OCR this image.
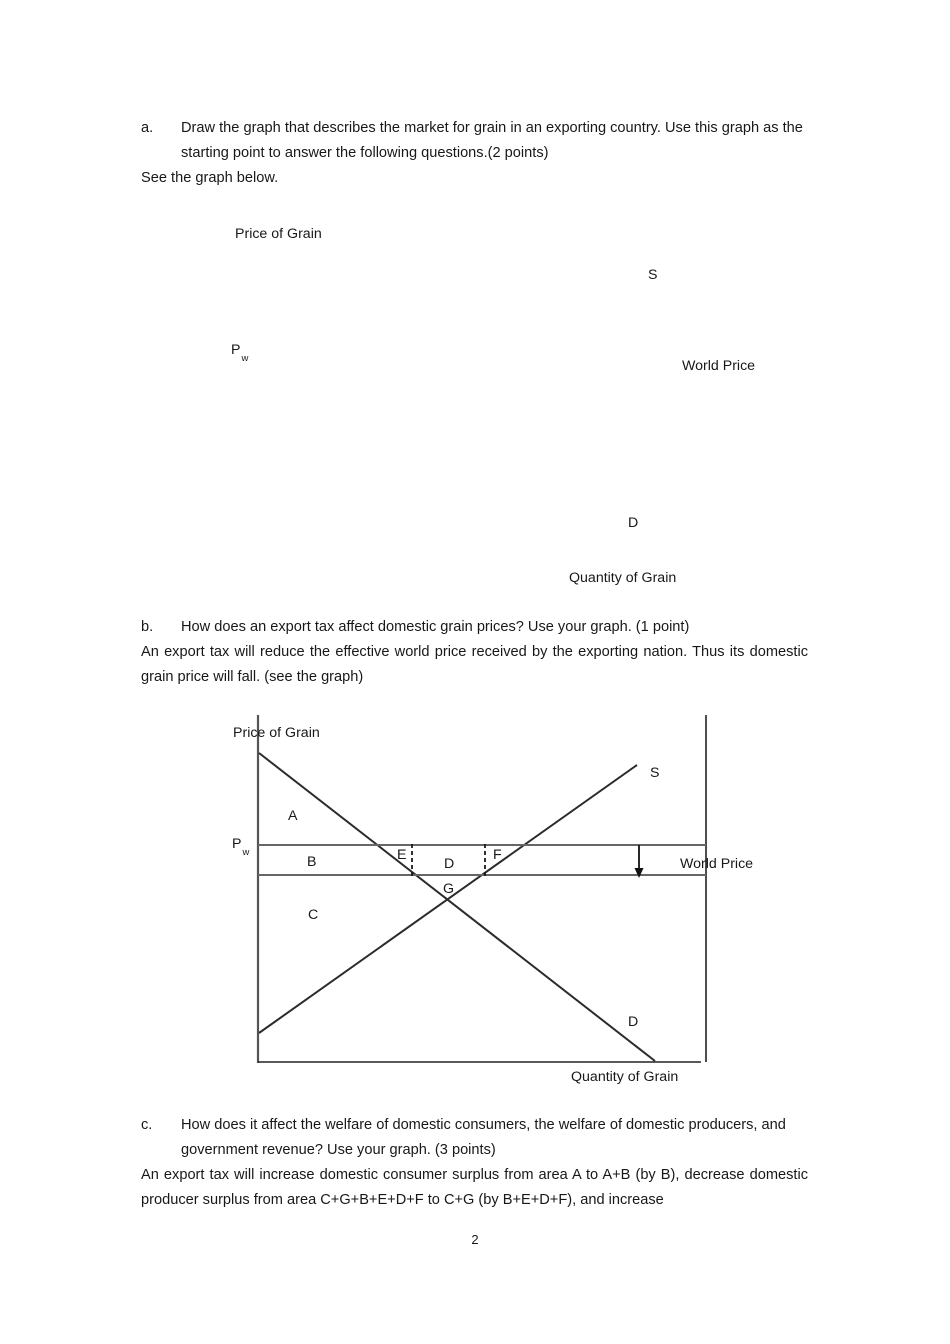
a.	Draw the graph that describes the market for grain in an exporting country. Use this graph as the starting point to answer the following questions.(2 points)
See the graph below.
Price of Grain
S
$P_w$	World Price
D
Quantity of Grain
b.	How does an export tax affect domestic grain prices? Use your graph. (1 point)
An export tax will reduce the effective world price received by the exporting nation. Thus its domestic grain price will fall. (see the graph)
Price of Grain
S
A
$P_w$
B	E
D
F
World Price
G
C
D
Quantity of Grain
c.	How does it affect the welfare of domestic consumers, the welfare of domestic producers, and government revenue? Use your graph. (3 points)
An export tax will increase domestic consumer surplus from area A to A+B (by B), decrease domestic producer surplus from area C+G+B+E+D+F to C+G (by B+E+D+F), and increase
2
